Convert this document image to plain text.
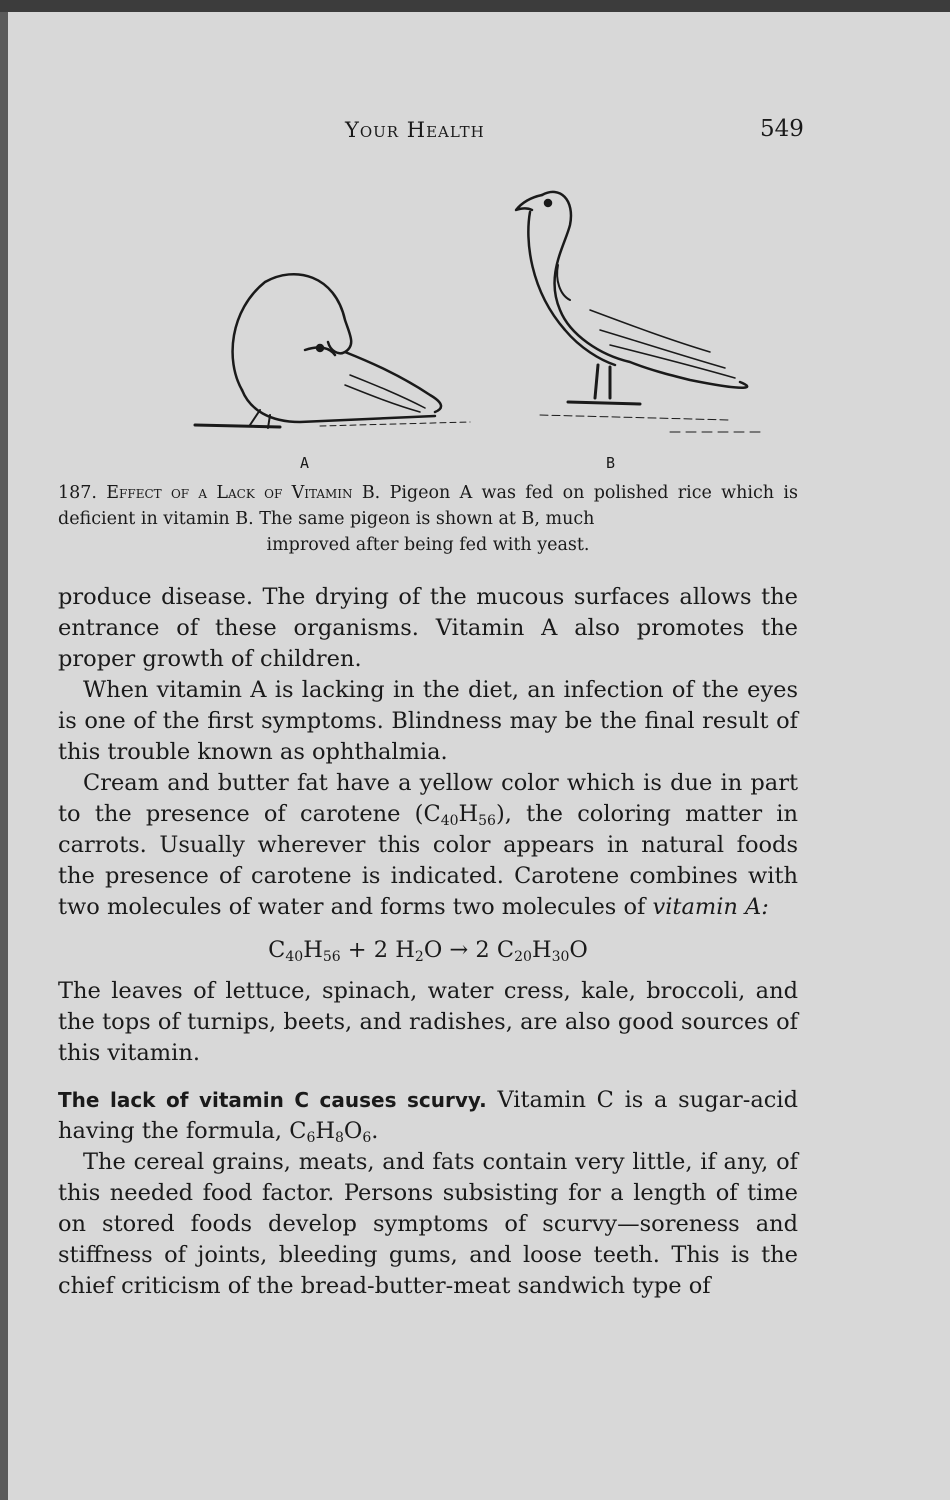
Your Health	549
A	B
187. Effect of a Lack of Vitamin B. Pigeon A was fed on polished rice which is deficient in vitamin B. The same pigeon is shown at B, much
improved after being fed with yeast.

produce disease. The drying of the mucous surfaces allows the entrance of these organisms. Vitamin A also promotes the proper growth of children.

When vitamin A is lacking in the diet, an infection of the eyes is one of the first symptoms. Blindness may be the final result of this trouble known as ophthalmia.

Cream and butter fat have a yellow color which is due in part to the presence of carotene $(C_{40}H_{56})$, the coloring matter in carrots. Usually wherever this color appears in natural foods the presence of carotene is indicated. Carotene combines with two molecules of water and forms two molecules of vitamin A:

$C_{40}H_{56} + 2$ $H_2O \to 2$ $C_{20}H_{30}O$

The leaves of lettuce, spinach, water cress, kale, broccoli, and the tops of turnips, beets, and radishes, are also good sources of this vitamin.

The lack of vitamin C causes scurvy. Vitamin C is a sugar-acid having the formula, $C_6H_8O_6$.

The cereal grains, meats, and fats contain very little, if any, of this needed food factor. Persons subsisting for a length of time on stored foods develop symptoms of scurvy—soreness and stiffness of joints, bleeding gums, and loose teeth. This is the chief criticism of the bread-butter-meat sandwich type of
